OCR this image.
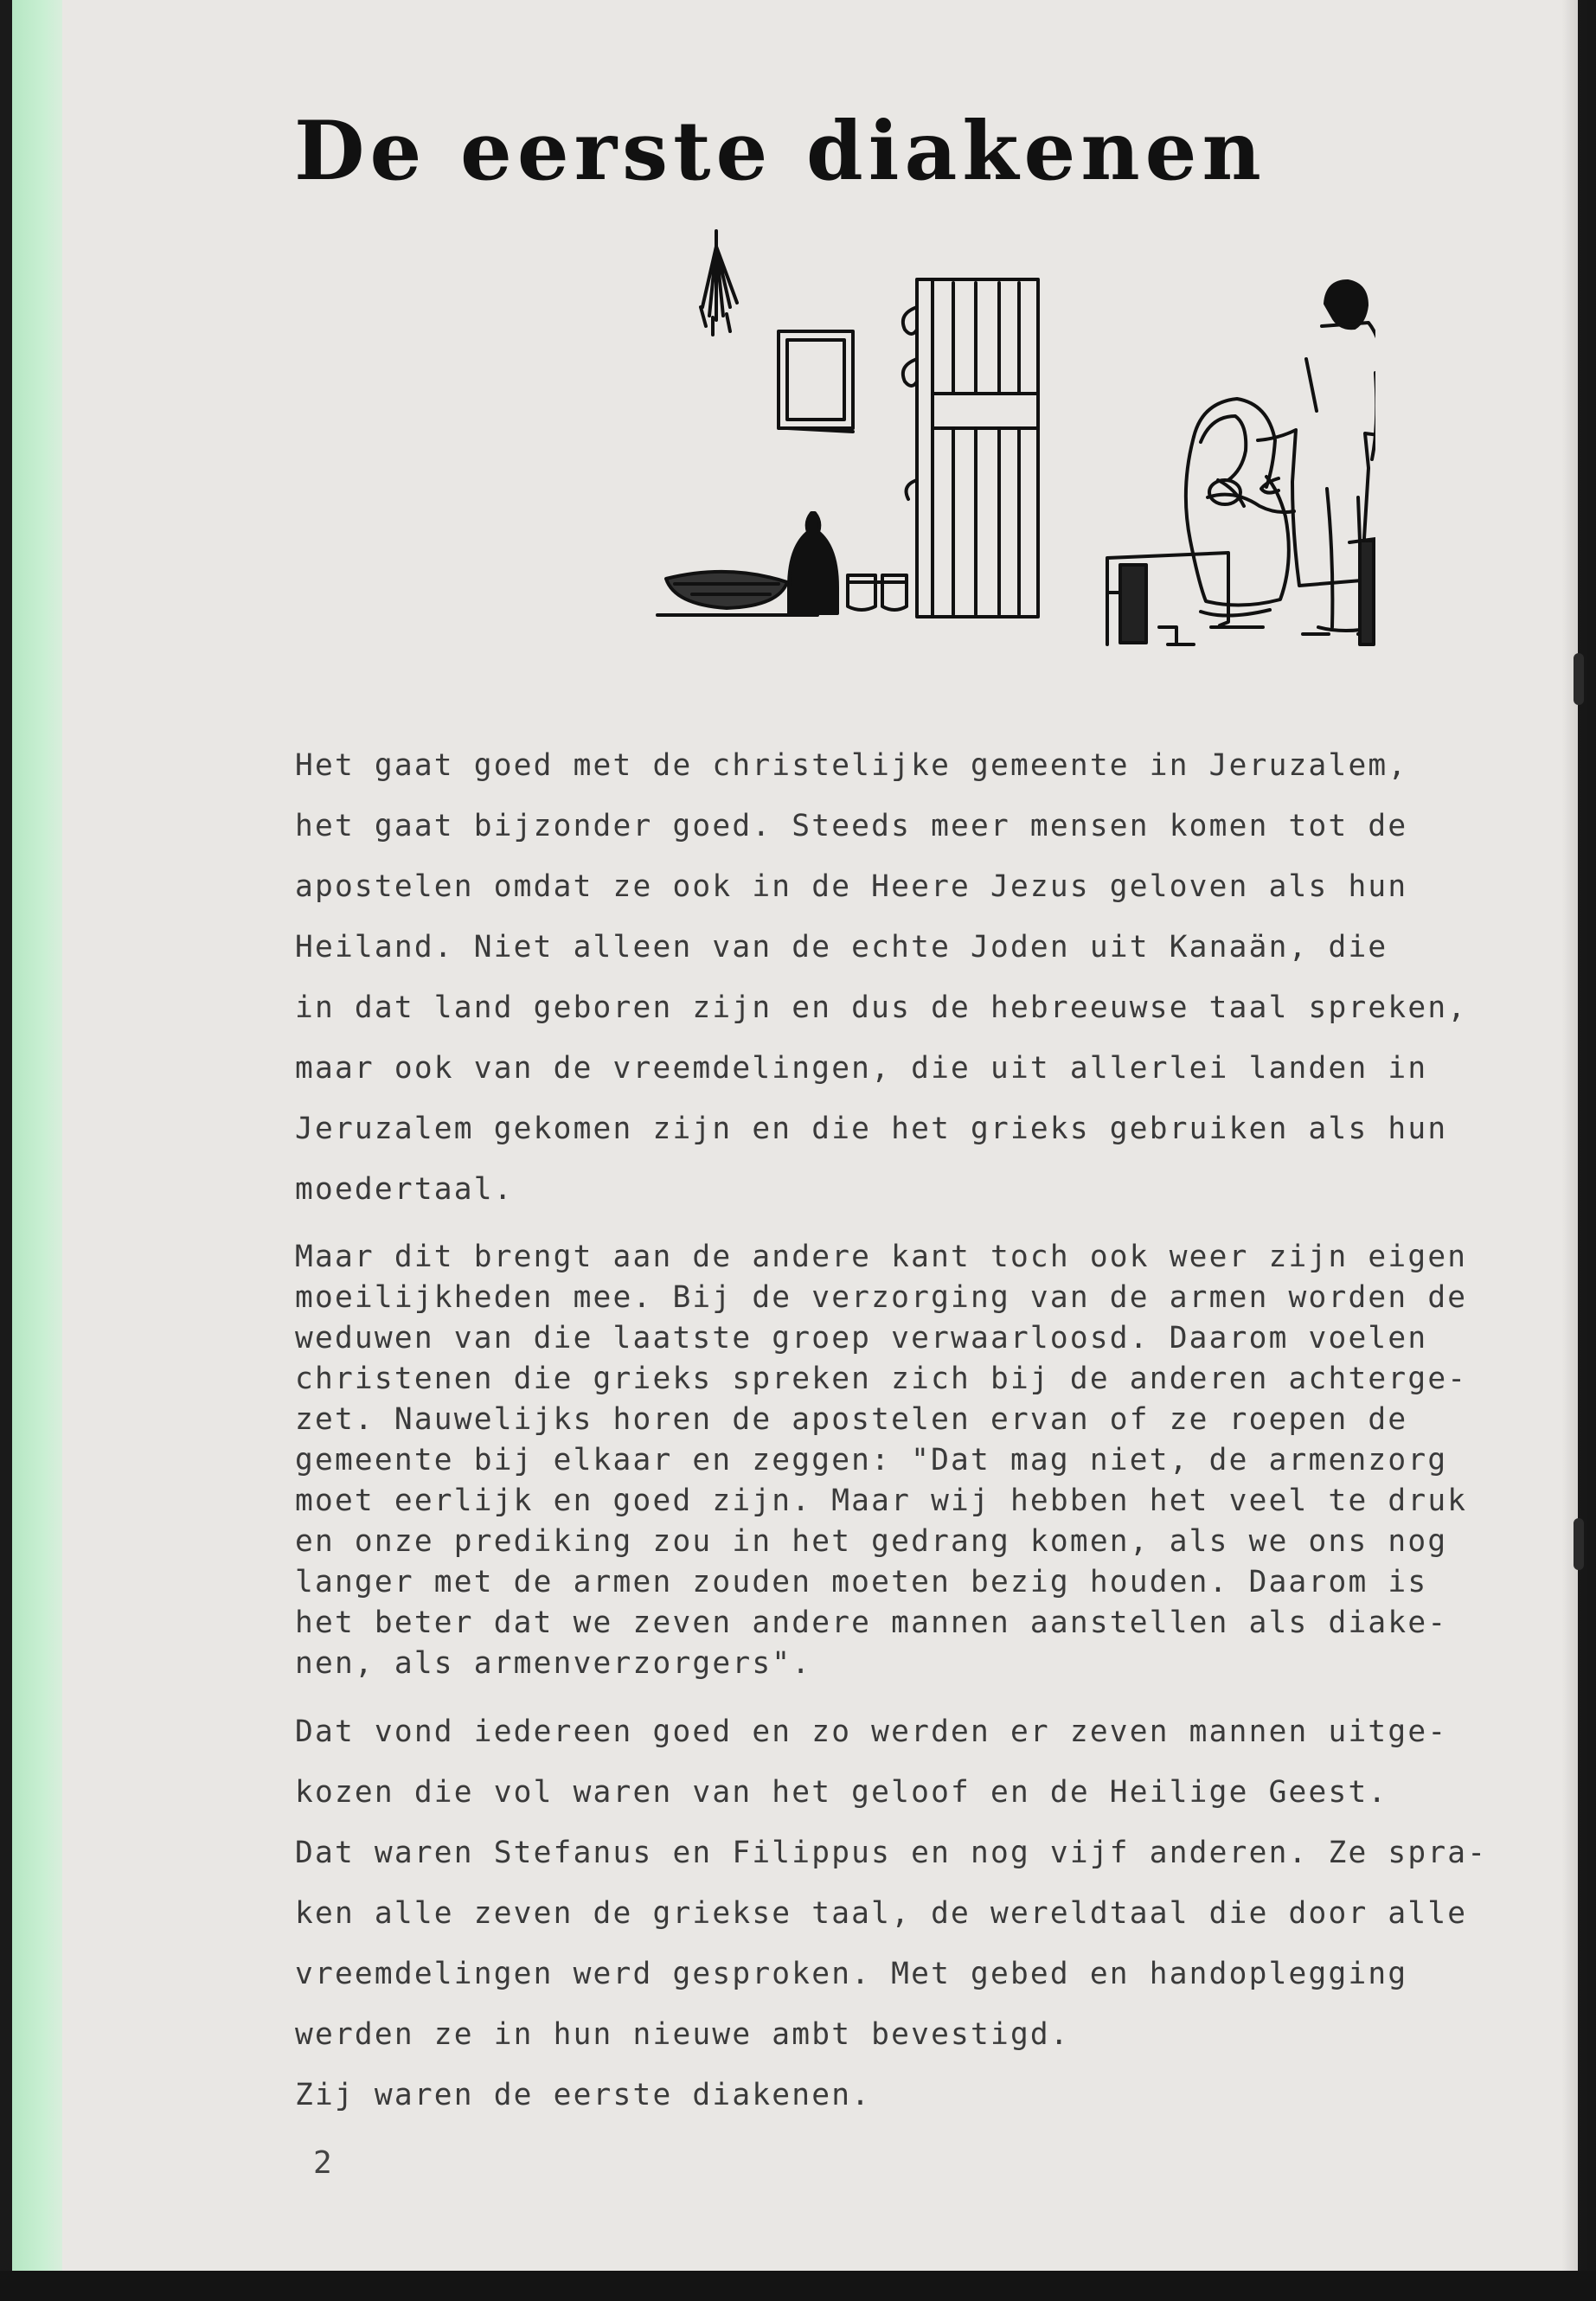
De eerste diakenen
Het gaat goed met de christelijke gemeente in Jeruzalem,
het gaat bijzonder goed. Steeds meer mensen komen tot de
apostelen omdat ze ook in de Heere Jezus geloven als hun
Heiland. Niet alleen van de echte Joden uit Kanaän, die
in dat land geboren zijn en dus de hebreeuwse taal spreken,
maar ook van de vreemdelingen, die uit allerlei landen in
Jeruzalem gekomen zijn en die het grieks gebruiken als hun
moedertaal.
Maar dit brengt aan de andere kant toch ook weer zijn eigen
moeilijkheden mee. Bij de verzorging van de armen worden de
weduwen van die laatste groep verwaarloosd. Daarom voelen
christenen die grieks spreken zich bij de anderen achterge-
zet. Nauwelijks horen de apostelen ervan of ze roepen de
gemeente bij elkaar en zeggen: "Dat mag niet, de armenzorg
moet eerlijk en goed zijn. Maar wij hebben het veel te druk
en onze prediking zou in het gedrang komen, als we ons nog
langer met de armen zouden moeten bezig houden. Daarom is
het beter dat we zeven andere mannen aanstellen als diake-
nen, als armenverzorgers".
Dat vond iedereen goed en zo werden er zeven mannen uitge-
kozen die vol waren van het geloof en de Heilige Geest.
Dat waren Stefanus en Filippus en nog vijf anderen. Ze spra-
ken alle zeven de griekse taal, de wereldtaal die door alle
vreemdelingen werd gesproken. Met gebed en handoplegging
werden ze in hun nieuwe ambt bevestigd.
Zij waren de eerste diakenen.
2
